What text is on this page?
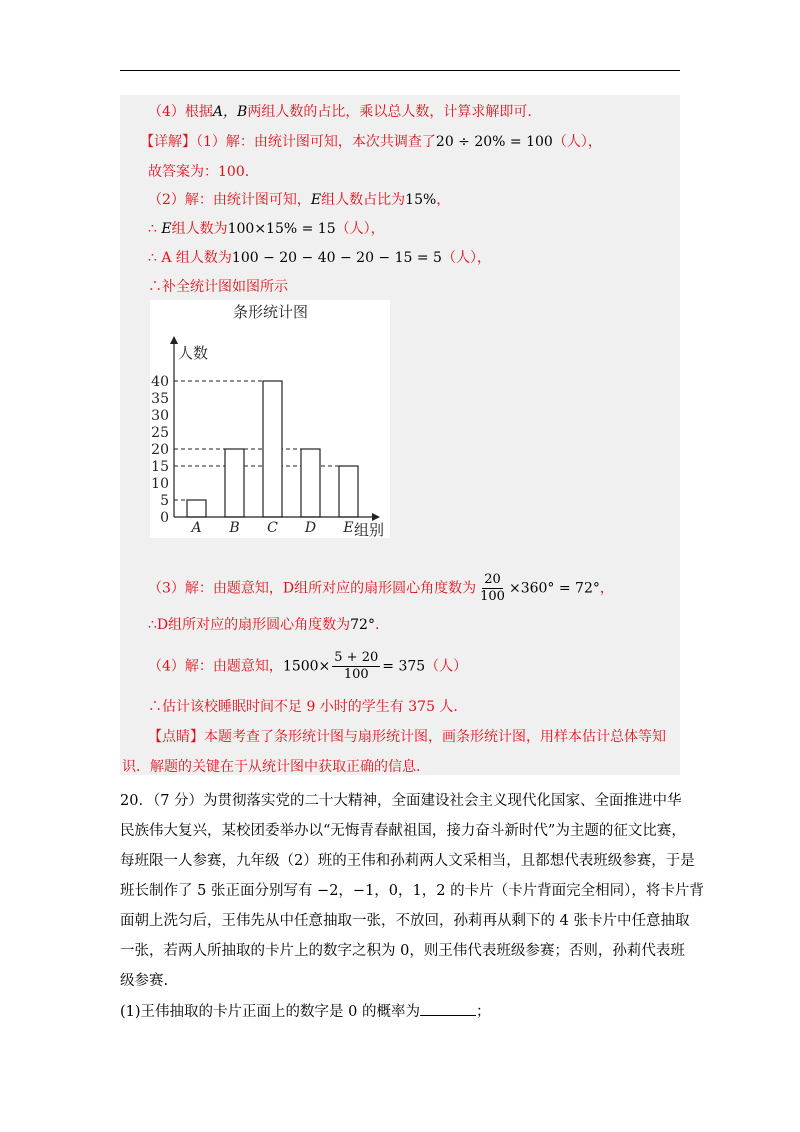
（4）根据A，B两组人数的占比，乘以总人数，计算求解即可.
【详解】（1）解：由统计图可知，本次共调查了20 ÷ 20% = 100（人），
故答案为：100.
（2）解：由统计图可知，E组人数占比为15%，
∴ E组人数为100×15% = 15（人），
∴ A 组人数为100 − 20 − 40 − 20 − 15 = 5（人），
∴补全统计图如图所示
条形统计图
A B C D E
0
5
10
15
20
25
30
35
40
人数
组别
（3）解：由题意知，D组所对应的扇形圆心角度数为 $\frac{20}{100} \times 360^\circ = 72^\circ$，
∴D组所对应的扇形圆心角度数为72°.
（4）解：由题意知，$1500\times \frac{5 + 20}{100} = 375$（人）
∴估计该校睡眠时间不足 9 小时的学生有 375 人.
【点睛】本题考查了条形统计图与扇形统计图，画条形统计图，用样本估计总体等知
识．解题的关键在于从统计图中获取正确的信息.
20．（7 分）为贯彻落实党的二十大精神，全面建设社会主义现代化国家、全面推进中华
民族伟大复兴，某校团委举办以“无悔青春献祖国，接力奋斗新时代”为主题的征文比赛，
每班限一人参赛，九年级（2）班的王伟和孙莉两人文采相当，且都想代表班级参赛，于是
班长制作了 5 张正面分别写有 −2，−1，0，1，2 的卡片（卡片背面完全相同），将卡片背
面朝上洗匀后，王伟先从中任意抽取一张，不放回，孙莉再从剩下的 4 张卡片中任意抽取
一张，若两人所抽取的卡片上的数字之积为 0，则王伟代表班级参赛；否则，孙莉代表班
级参赛.
(1)王伟抽取的卡片正面上的数字是 0 的概率为	；
